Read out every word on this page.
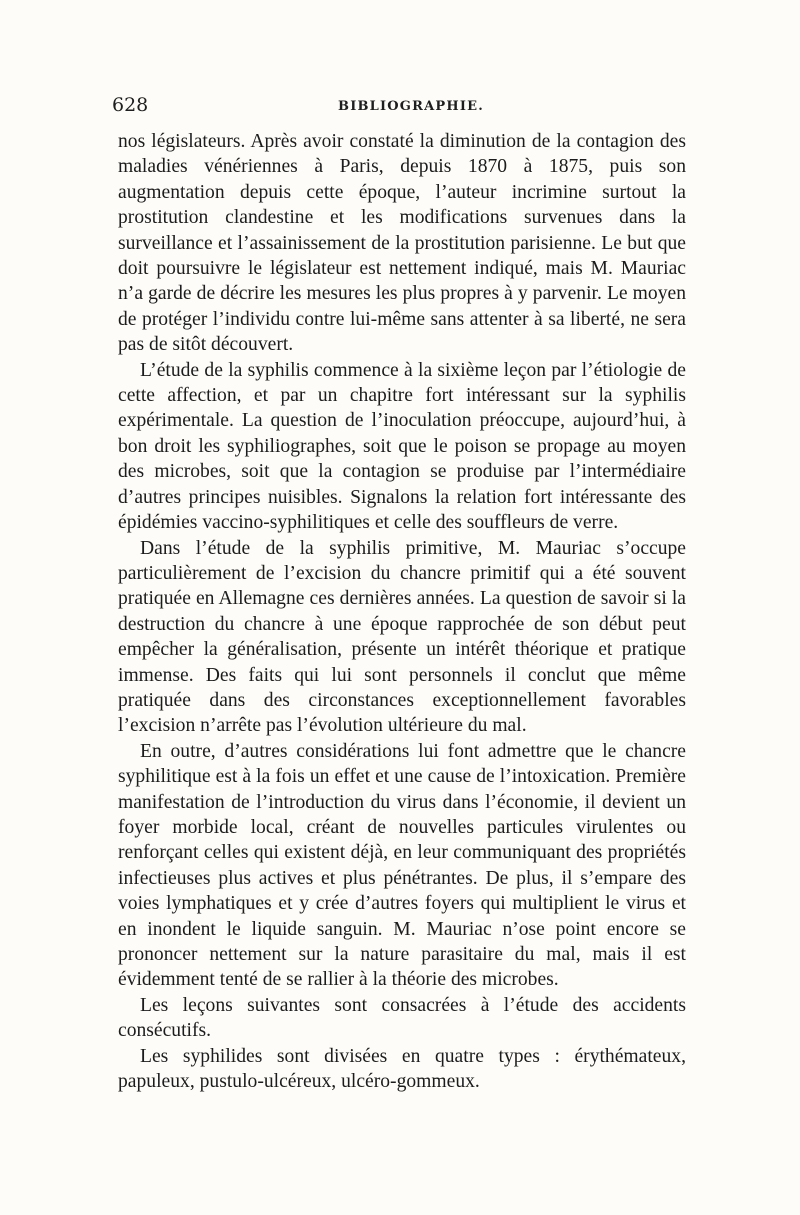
628	BIBLIOGRAPHIE.

nos législateurs. Après avoir constaté la diminution de la contagion des maladies vénériennes à Paris, depuis 1870 à 1875, puis son augmentation depuis cette époque, l’auteur incrimine surtout la prostitution clandestine et les modifications survenues dans la surveillance et l’assainissement de la prostitution parisienne. Le but que doit poursuivre le législateur est nettement indiqué, mais M. Mauriac n’a garde de décrire les mesures les plus propres à y parvenir. Le moyen de protéger l’individu contre lui-même sans attenter à sa liberté, ne sera pas de sitôt découvert.

L’étude de la syphilis commence à la sixième leçon par l’étiologie de cette affection, et par un chapitre fort intéressant sur la syphilis expérimentale. La question de l’inoculation préoccupe, aujourd’hui, à bon droit les syphiliographes, soit que le poison se propage au moyen des microbes, soit que la contagion se produise par l’intermédiaire d’autres principes nuisibles. Signalons la relation fort intéressante des épidémies vaccino-syphilitiques et celle des souffleurs de verre.

Dans l’étude de la syphilis primitive, M. Mauriac s’occupe particulièrement de l’excision du chancre primitif qui a été souvent pratiquée en Allemagne ces dernières années. La question de savoir si la destruction du chancre à une époque rapprochée de son début peut empêcher la généralisation, présente un intérêt théorique et pratique immense. Des faits qui lui sont personnels il conclut que même pratiquée dans des circonstances exceptionnellement favorables l’excision n’arrête pas l’évolution ultérieure du mal.

En outre, d’autres considérations lui font admettre que le chancre syphilitique est à la fois un effet et une cause de l’intoxication. Première manifestation de l’introduction du virus dans l’économie, il devient un foyer morbide local, créant de nouvelles particules virulentes ou renforçant celles qui existent déjà, en leur communiquant des propriétés infectieuses plus actives et plus pénétrantes. De plus, il s’empare des voies lymphatiques et y crée d’autres foyers qui multiplient le virus et en inondent le liquide sanguin. M. Mauriac n’ose point encore se prononcer nettement sur la nature parasitaire du mal, mais il est évidemment tenté de se rallier à la théorie des microbes.

Les leçons suivantes sont consacrées à l’étude des accidents consécutifs.

Les syphilides sont divisées en quatre types : érythémateux, papuleux, pustulo-ulcéreux, ulcéro-gommeux.
